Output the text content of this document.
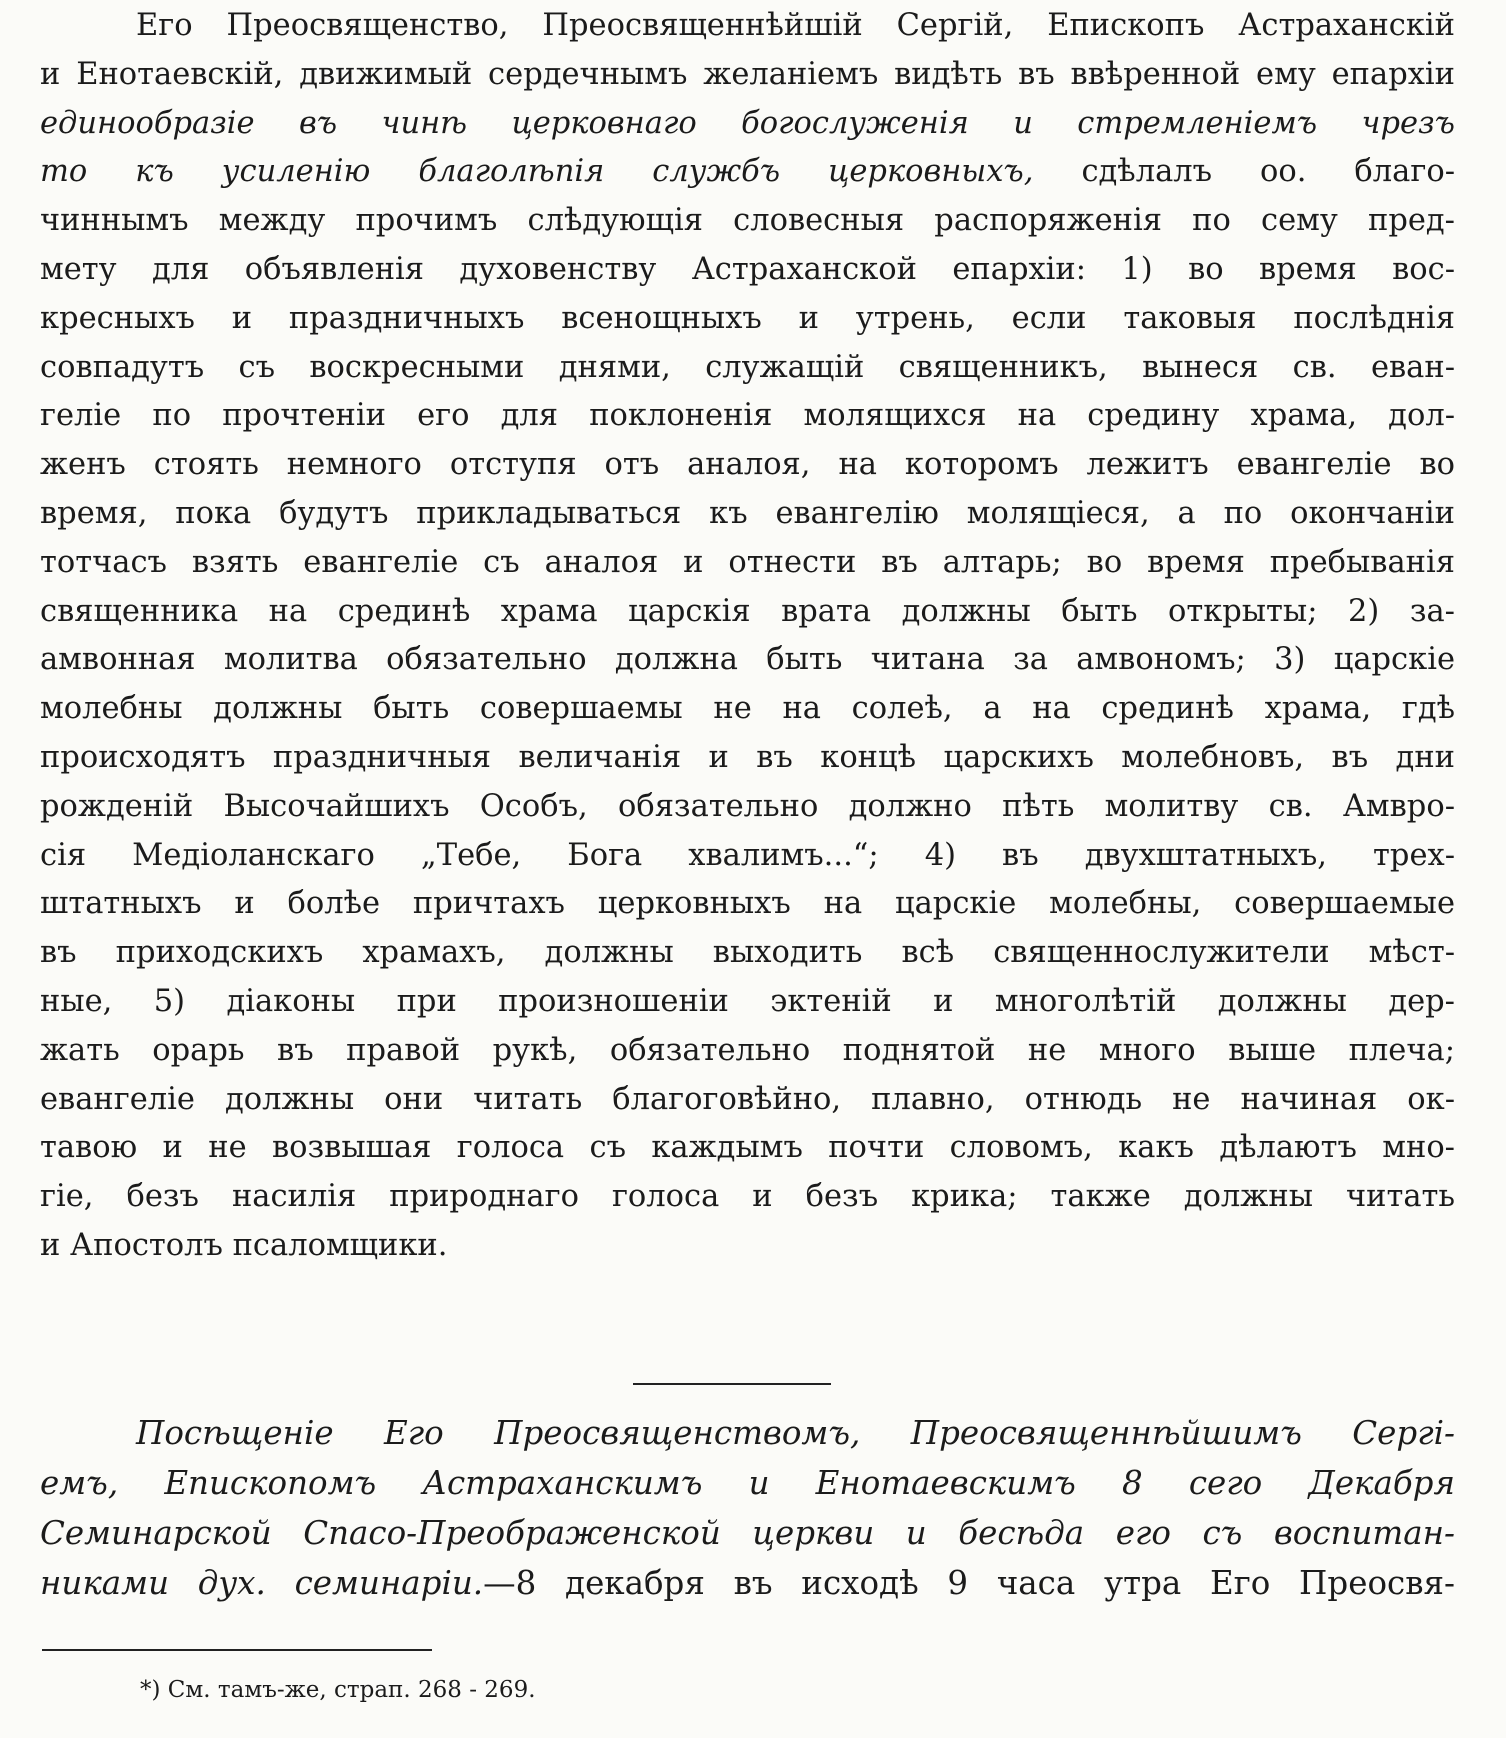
Его Преосвященство, Преосвященнѣйшій Сергій, Епископъ Астраханскій
и Енотаевскій, движимый сердечнымъ желаніемъ видѣть въ ввѣренной ему епархіи
единообразіе въ чинѣ церковнаго богослуженія и стремленіемъ чрезъ
то къ усиленію благолѣпія службъ церковныхъ, сдѣлалъ оо. благо-
чиннымъ между прочимъ слѣдующія словесныя распоряженія по сему пред-
мету для объявленія духовенству Астраханской епархіи: 1) во время вос-
кресныхъ и праздничныхъ всенощныхъ и утрень, если таковыя послѣднія
совпадутъ съ воскресными днями, служащій священникъ, вынеся св. еван-
геліе по прочтеніи его для поклоненія молящихся на средину храма, дол-
женъ стоять немного отступя отъ аналоя, на которомъ лежитъ евангеліе во
время, пока будутъ прикладываться къ евангелію молящіеся, а по окончаніи
тотчасъ взять евангеліе съ аналоя и отнести въ алтарь; во время пребыванія
священника на срединѣ храма царскія врата должны быть открыты; 2) за-
амвонная молитва обязательно должна быть читана за амвономъ; 3) царскіе
молебны должны быть совершаемы не на солеѣ, а на срединѣ храма, гдѣ
происходятъ праздничныя величанія и въ концѣ царскихъ молебновъ, въ дни
рожденій Высочайшихъ Особъ, обязательно должно пѣть молитву св. Амвро-
сія Медіоланскаго „Тебе, Бога хвалимъ...“; 4) въ двухштатныхъ, трех-
штатныхъ и болѣе причтахъ церковныхъ на царскіе молебны, совершаемые
въ приходскихъ храмахъ, должны выходить всѣ священнослужители мѣст-
ные, 5) діаконы при произношеніи эктеній и многолѣтій должны дер-
жать орарь въ правой рукѣ, обязательно поднятой не много выше плеча;
евангеліе должны они читать благоговѣйно, плавно, отнюдь не начиная ок-
тавою и не возвышая голоса съ каждымъ почти словомъ, какъ дѣлаютъ мно-
гіе, безъ насилія природнаго голоса и безъ крика; также должны читать
и Апостолъ псаломщики.
Посѣщеніе Его Преосвященствомъ, Преосвященнѣйшимъ Сергі-
емъ, Епископомъ Астраханскимъ и Енотаевскимъ 8 сего Декабря
Семинарской Спасо-Преображенской церкви и бесѣда его съ воспитан-
никами дух. семинаріи.—8 декабря въ исходѣ 9 часа утра Его Преосвя-
*) См. тамъ-же, страп. 268 - 269.
